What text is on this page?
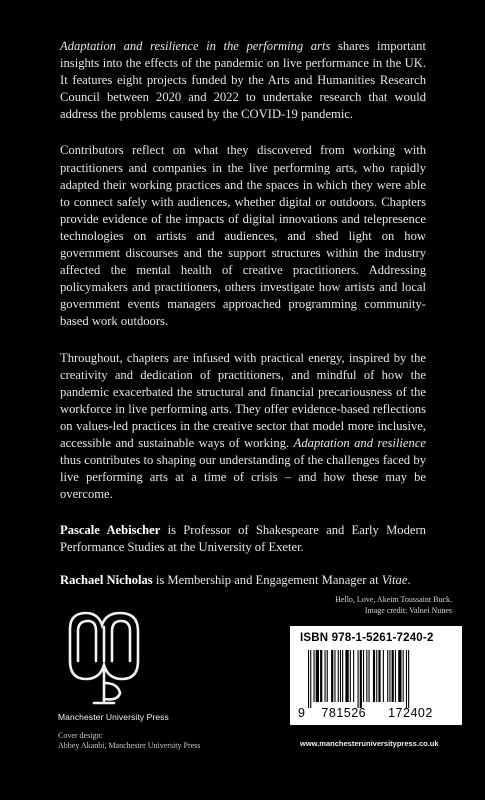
Adaptation and resilience in the performing arts shares important insights into the effects of the pandemic on live performance in the UK. It features eight projects funded by the Arts and Humanities Research Council between 2020 and 2022 to undertake research that would address the problems caused by the COVID-19 pandemic.

Contributors reflect on what they discovered from working with practitioners and companies in the live performing arts, who rapidly adapted their working practices and the spaces in which they were able to connect safely with audiences, whether digital or outdoors. Chapters provide evidence of the impacts of digital innovations and telepresence technologies on artists and audiences, and shed light on how government discourses and the support structures within the industry affected the mental health of creative practitioners. Addressing policymakers and practitioners, others investigate how artists and local government events managers approached programming community-based work outdoors.

Throughout, chapters are infused with practical energy, inspired by the creativity and dedication of practitioners, and mindful of how the pandemic exacerbated the structural and financial precariousness of the workforce in live performing arts. They offer evidence-based reflections on values-led practices in the creative sector that model more inclusive, accessible and sustainable ways of working. Adaptation and resilience thus contributes to shaping our understanding of the challenges faced by live performing arts at a time of crisis – and how these may be overcome.

Pascale Aebischer is Professor of Shakespeare and Early Modern Performance Studies at the University of Exeter.

Rachael Nicholas is Membership and Engagement Manager at Vitae.

Manchester University Press
Cover design:
Abbey Akanbi, Manchester University Press
Hello, Love, Akeim Toussaint Buck.
Image credit: Valnei Nunes
ISBN 978-1-5261-7240-2
9 781526 172402
www.manchesteruniversitypress.co.uk
